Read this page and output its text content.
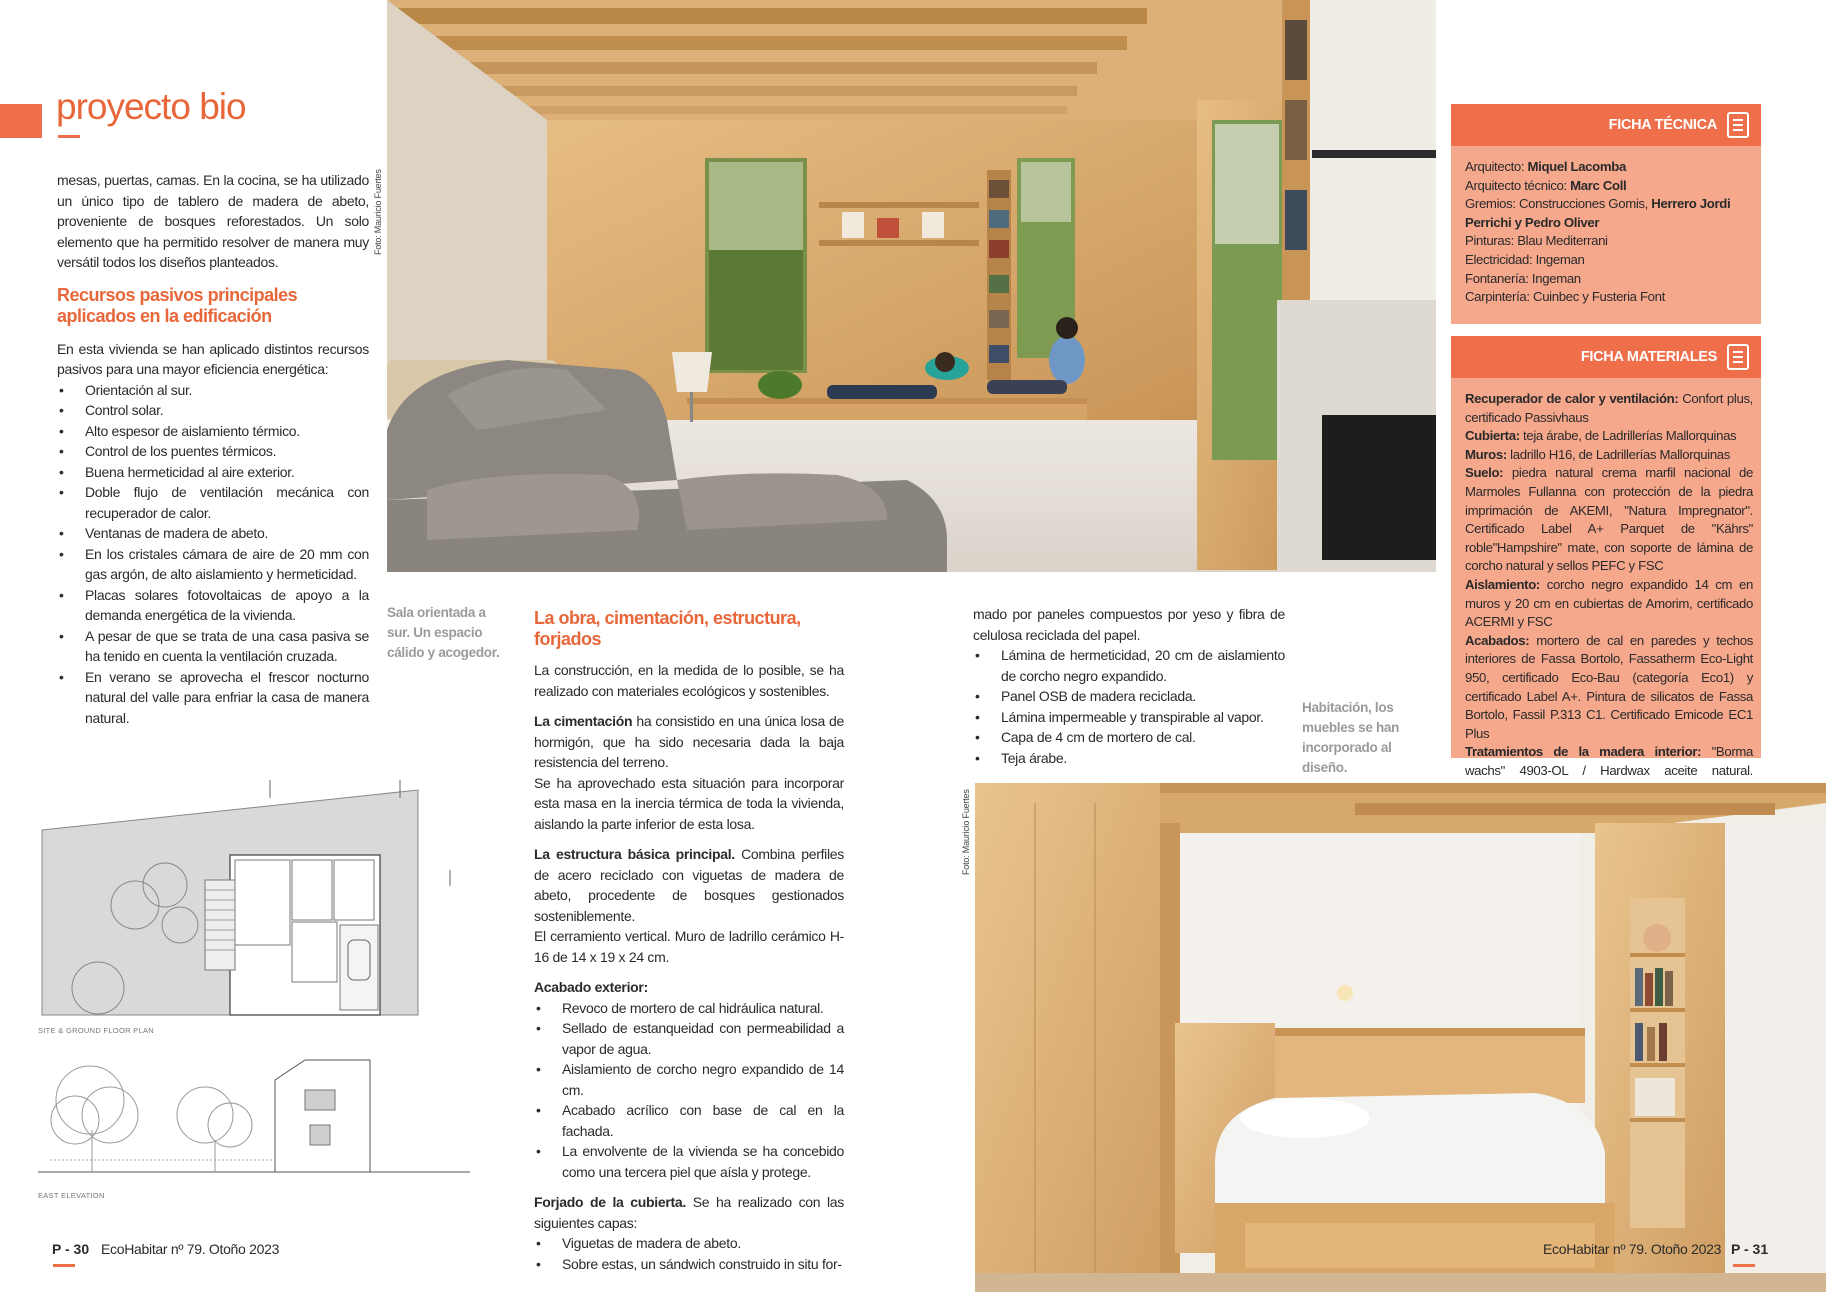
proyecto bio

mesas, puertas, camas. En la cocina, se ha utilizado un único tipo de tablero de madera de abeto, proveniente de bosques reforestados. Un solo elemento que ha permitido resolver de manera muy versátil todos los diseños planteados.

Recursos pasivos principales aplicados en la edificación

En esta vivienda se han aplicado distintos recursos pasivos para una mayor eficiencia energética:

• Orientación al sur.
• Control solar.
• Alto espesor de aislamiento térmico.
• Control de los puentes térmicos.
• Buena hermeticidad al aire exterior.
• Doble flujo de ventilación mecánica con recuperador de calor.
• Ventanas de madera de abeto.
• En los cristales cámara de aire de 20 mm con gas argón, de alto aislamiento y hermeticidad.
• Placas solares fotovoltaicas de apoyo a la demanda energética de la vivienda.
• A pesar de que se trata de una casa pasiva se ha tenido en cuenta la ventilación cruzada.
• En verano se aprovecha el frescor nocturno natural del valle para enfriar la casa de manera natural.
Foto: Mauricio Fuertes
Sala orientada a sur. Un espacio cálido y acogedor.
SITE & GROUND FLOOR PLAN
EAST ELEVATION
La obra, cimentación, estructura, forjados

La construcción, en la medida de lo posible, se ha realizado con materiales ecológicos y sostenibles.

La cimentación ha consistido en una única losa de hormigón, que ha sido necesaria dada la baja resistencia del terreno.

Se ha aprovechado esta situación para incorporar esta masa en la inercia térmica de toda la vivienda, aislando la parte inferior de esta losa.

La estructura básica principal. Combina perfiles de acero reciclado con viguetas de madera de abeto, procedente de bosques gestionados sosteniblemente.

El cerramiento vertical. Muro de ladrillo cerámico H-16 de 14 x 19 x 24 cm.

Acabado exterior:

• Revoco de mortero de cal hidráulica natural.
• Sellado de estanqueidad con permeabilidad a vapor de agua.
• Aislamiento de corcho negro expandido de 14 cm.
• Acabado acrílico con base de cal en la fachada.
• La envolvente de la vivienda se ha concebido como una tercera piel que aísla y protege.

Forjado de la cubierta. Se ha realizado con las siguientes capas:

• Viguetas de madera de abeto.
• Sobre estas, un sándwich construido in situ for-

mado por paneles compuestos por yeso y fibra de celulosa reciclada del papel.

• Lámina de hermeticidad, 20 cm de aislamiento de corcho negro expandido.
• Panel OSB de madera reciclada.
• Lámina impermeable y transpirable al vapor.
• Capa de 4 cm de mortero de cal.
• Teja árabe.
Habitación, los muebles se han incorporado al diseño.
FICHA TÉCNICA
Arquitecto: Miquel Lacomba
Arquitecto técnico: Marc Coll
Gremios: Construcciones Gomis, Herrero Jordi Perrichi y Pedro Oliver
Pinturas: Blau Mediterrani
Electricidad: Ingeman
Fontanería: Ingeman
Carpintería: Cuinbec y Fusteria Font
FICHA MATERIALES
Recuperador de calor y ventilación: Confort plus, certificado Passivhaus
Cubierta: teja árabe, de Ladrillerías Mallorquinas
Muros: ladrillo H16, de Ladrillerías Mallorquinas
Suelo: piedra natural crema marfil nacional de Marmoles Fullanna con protección de la piedra imprimación de AKEMI, "Natura Impregnator". Certificado Label A+ Parquet de "Kährs" roble"Hampshire" mate, con soporte de lámina de corcho natural y sellos PEFC y FSC
Aislamiento: corcho negro expandido 14 cm en muros y 20 cm en cubiertas de Amorim, certificado ACERMI y FSC
Acabados: mortero de cal en paredes y techos interiores de Fassa Bortolo, Fassatherm Eco-Light 950, certificado Eco-Bau (categoría Eco1) y certificado Label A+. Pintura de silicatos de Fassa Bortolo, Fassil P.313 C1. Certificado Emicode EC1 Plus
Tratamientos de la madera interior: "Borma wachs" 4903-OL / Hardwax aceite natural.
Foto: Mauricio Fuertes
P - 30 EcoHabitar nº 79. Otoño 2023	EcoHabitar nº 79. Otoño 2023 P - 31
